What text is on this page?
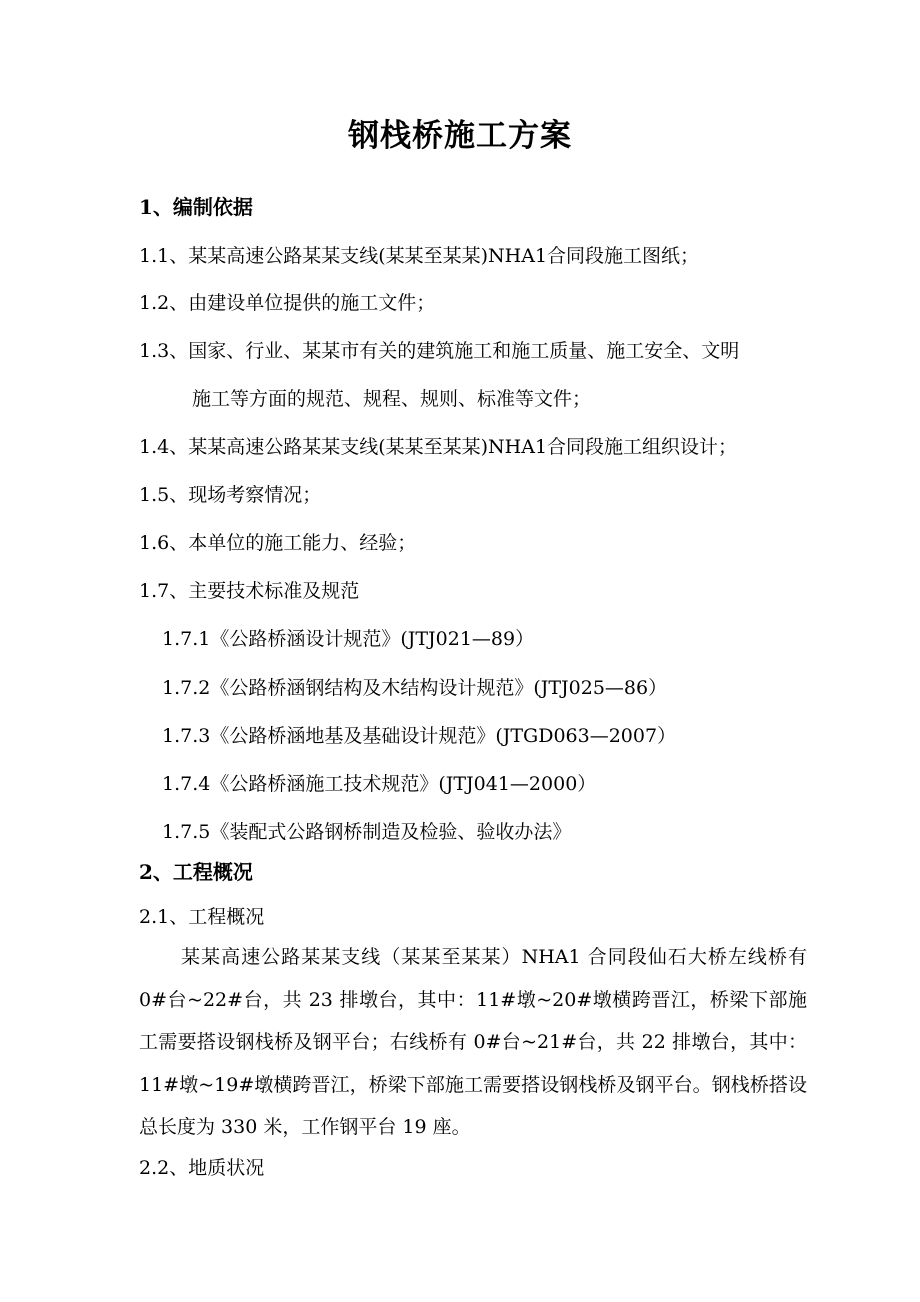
钢栈桥施工方案
1、编制依据
1.1、某某高速公路某某支线(某某至某某)NHA1合同段施工图纸；
1.2、由建设单位提供的施工文件；
1.3、国家、行业、某某市有关的建筑施工和施工质量、施工安全、文明
施工等方面的规范、规程、规则、标准等文件；
1.4、某某高速公路某某支线(某某至某某)NHA1合同段施工组织设计；
1.5、现场考察情况；
1.6、本单位的施工能力、经验；
1.7、主要技术标准及规范
1.7.1《公路桥涵设计规范》(JTJ021—89）
1.7.2《公路桥涵钢结构及木结构设计规范》(JTJ025—86）
1.7.3《公路桥涵地基及基础设计规范》(JTGD063—2007）
1.7.4《公路桥涵施工技术规范》(JTJ041—2000）
1.7.5《装配式公路钢桥制造及检验、验收办法》
2、工程概况
2.1、工程概况

某某高速公路某某支线（某某至某某）NHA1 合同段仙石大桥左线桥有 0#台~22#台，共 23 排墩台，其中：11#墩~20#墩横跨晋江，桥梁下部施工需要搭设钢栈桥及钢平台；右线桥有 0#台~21#台，共 22 排墩台，其中：11#墩~19#墩横跨晋江，桥梁下部施工需要搭设钢栈桥及钢平台。钢栈桥搭设总长度为 330 米，工作钢平台 19 座。

2.2、地质状况
